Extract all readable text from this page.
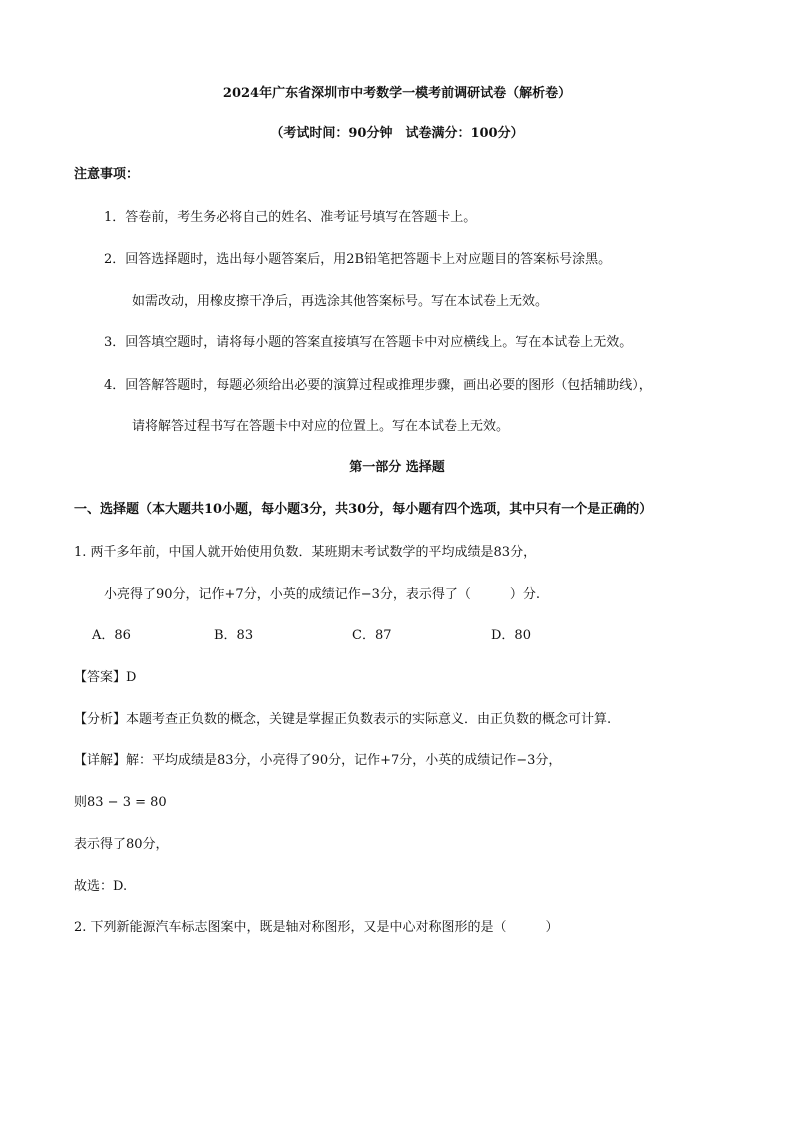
2024年广东省深圳市中考数学一模考前调研试卷（解析卷）
（考试时间：90分钟　试卷满分：100分）
注意事项：
1．答卷前，考生务必将自己的姓名、准考证号填写在答题卡上。
2．回答选择题时，选出每小题答案后，用2B铅笔把答题卡上对应题目的答案标号涂黑。
如需改动，用橡皮擦干净后，再选涂其他答案标号。写在本试卷上无效。
3．回答填空题时，请将每小题的答案直接填写在答题卡中对应横线上。写在本试卷上无效。
4．回答解答题时，每题必须给出必要的演算过程或推理步骤，画出必要的图形（包括辅助线），
请将解答过程书写在答题卡中对应的位置上。写在本试卷上无效。
第一部分 选择题
一、选择题（本大题共10小题，每小题3分，共30分，每小题有四个选项，其中只有一个是正确的）
1. 两千多年前，中国人就开始使用负数．某班期末考试数学的平均成绩是83分，
小亮得了90分，记作+7分，小英的成绩记作−3分，表示得了（　　　）分.
A．86	B．83	C．87	D．80
【答案】D
【分析】本题考查正负数的概念，关键是掌握正负数表示的实际意义．由正负数的概念可计算.
【详解】解：平均成绩是83分，小亮得了90分，记作+7分，小英的成绩记作−3分，
则83 − 3 = 80
表示得了80分，
故选：D.
2. 下列新能源汽车标志图案中，既是轴对称图形，又是中心对称图形的是（　　　）
